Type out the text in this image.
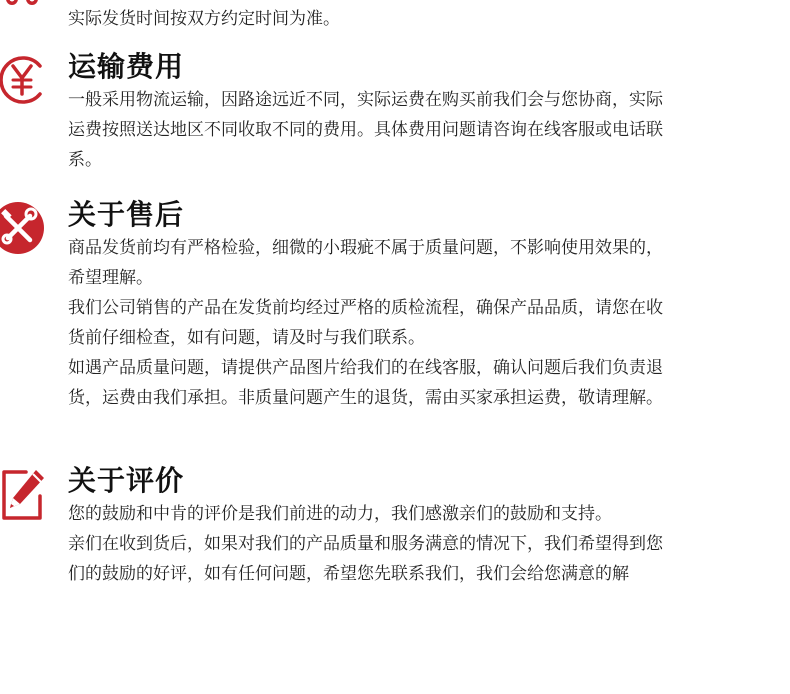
实际发货时间按双方约定时间为准。
运输费用

一般采用物流运输，因路途远近不同，实际运费在购买前我们会与您协商，实际运费按照送达地区不同收取不同的费用。具体费用问题请咨询在线客服或电话联系。

关于售后

商品发货前均有严格检验，细微的小瑕疵不属于质量问题，不影响使用效果的，希望理解。

我们公司销售的产品在发货前均经过严格的质检流程，确保产品品质，请您在收货前仔细检查，如有问题，请及时与我们联系。

如遇产品质量问题，请提供产品图片给我们的在线客服，确认问题后我们负责退货，运费由我们承担。非质量问题产生的退货，需由买家承担运费，敬请理解。

关于评价

您的鼓励和中肯的评价是我们前进的动力，我们感激亲们的鼓励和支持。

亲们在收到货后，如果对我们的产品质量和服务满意的情况下，我们希望得到您们的鼓励的好评，如有任何问题，希望您先联系我们，我们会给您满意的解
